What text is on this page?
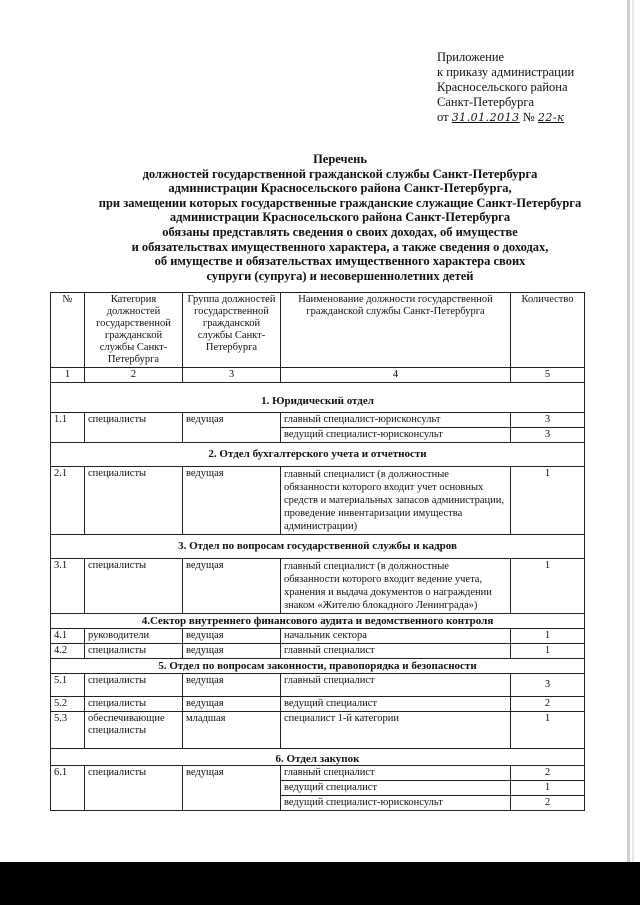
Приложение
к приказу администрации
Красносельского района
Санкт-Петербурга
от 31.01.2013 № 22-к
Перечень
должностей государственной гражданской службы Санкт-Петербурга
администрации Красносельского района Санкт-Петербурга,
при замещении которых государственные гражданские служащие Санкт-Петербурга
администрации Красносельского района Санкт-Петербурга
обязаны представлять сведения о своих доходах, об имуществе
и обязательствах имущественного характера, а также сведения о доходах,
об имуществе и обязательствах имущественного характера своих
супруги (супруга) и несовершеннолетних детей
№	Категория должностей государственной гражданской службы Санкт-Петербурга	Группа должностей государственной гражданской службы Санкт-Петербурга	Наименование должности государственной гражданской службы Санкт-Петербурга	Количество
1	2	3	4	5
1. Юридический отдел				
1.1	специалисты	ведущая	главный специалист-юрисконсульт	3
			ведущий специалист-юрисконсульт	3
2. Отдел бухгалтерского учета и отчетности				
2.1	специалисты	ведущая	главный специалист (в должностные обязанности которого входит учет основных средств и материальных запасов администрации, проведение инвентаризации имущества администрации)	1
3. Отдел по вопросам государственной службы и кадров				
3.1	специалисты	ведущая	главный специалист (в должностные обязанности которого входит ведение учета, хранения и выдача документов о награждении знаком «Жителю блокадного Ленинграда»)	1
4.Сектор внутреннего финансового аудита и ведомственного контроля				
4.1	руководители	ведущая	начальник сектора	1
4.2	специалисты	ведущая	главный специалист	1
5. Отдел по вопросам законности, правопорядка и безопасности				
5.1	специалисты	ведущая	главный специалист	3
5.2	специалисты	ведущая	ведущий специалист	2
5.3	обеспечивающие специалисты	младшая	специалист 1-й категории	1
6. Отдел закупок				
6.1	специалисты	ведущая	главный специалист	2
			ведущий специалист	1
			ведущий специалист-юрисконсульт	2
